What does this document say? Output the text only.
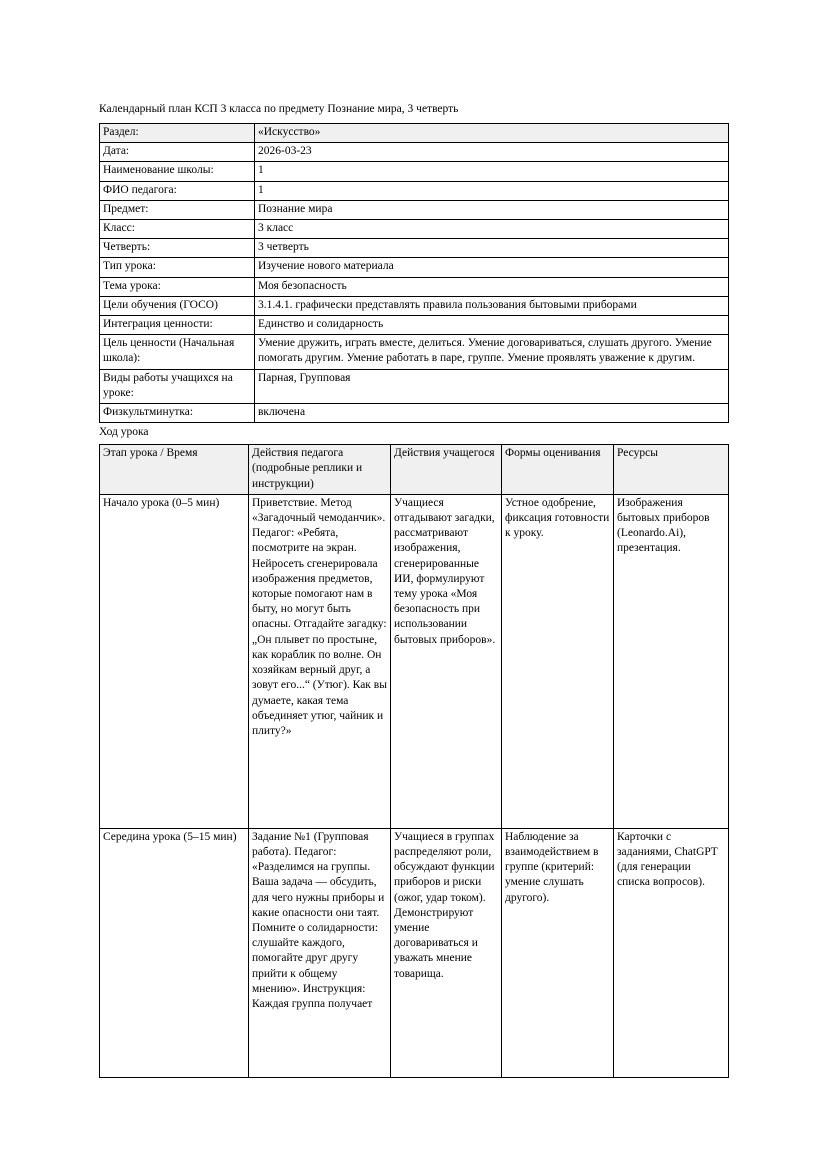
Календарный план КСП 3 класса по предмету Познание мира, 3 четверть
Раздел:	«Искусство»
Дата:	2026-03-23
Наименование школы:	1
ФИО педагога:	1
Предмет:	Познание мира
Класс:	3 класс
Четверть:	3 четверть
Тип урока:	Изучение нового материала
Тема урока:	Моя безопасность
Цели обучения (ГОСО)	3.1.4.1. графически представлять правила пользования бытовыми приборами
Интеграция ценности:	Единство и солидарность
Цель ценности (Начальная школа):	Умение дружить, играть вместе, делиться. Умение договариваться, слушать другого. Умение помогать другим. Умение работать в паре, группе. Умение проявлять уважение к другим.
Виды работы учащихся на уроке:	Парная, Групповая
Физкультминутка:	включена
Ход урока
Этап урока / Время	Действия педагога (подробные реплики и инструкции)	Действия учащегося	Формы оценивания	Ресурсы
Начало урока (0–5 мин)	Приветствие. Метод «Загадочный чемоданчик». Педагог: «Ребята, посмотрите на экран. Нейросеть сгенерировала изображения предметов, которые помогают нам в быту, но могут быть опасны. Отгадайте загадку: „Он плывет по простыне, как кораблик по волне. Он хозяйкам верный друг, а зовут его...“ (Утюг). Как вы думаете, какая тема объединяет утюг, чайник и плиту?»	Учащиеся отгадывают загадки, рассматривают изображения, сгенерированные ИИ, формулируют тему урока «Моя безопасность при использовании бытовых приборов».	Устное одобрение, фиксация готовности к уроку.	Изображения бытовых приборов (Leonardo.Ai), презентация.
Середина урока (5–15 мин)	Задание №1 (Групповая работа). Педагог: «Разделимся на группы. Ваша задача — обсудить, для чего нужны приборы и какие опасности они таят. Помните о солидарности: слушайте каждого, помогайте друг другу прийти к общему мнению». Инструкция: Каждая группа получает	Учащиеся в группах распределяют роли, обсуждают функции приборов и риски (ожог, удар током). Демонстрируют умение договариваться и уважать мнение товарища.	Наблюдение за взаимодействием в группе (критерий: умение слушать другого).	Карточки с заданиями, ChatGPT (для генерации списка вопросов).
